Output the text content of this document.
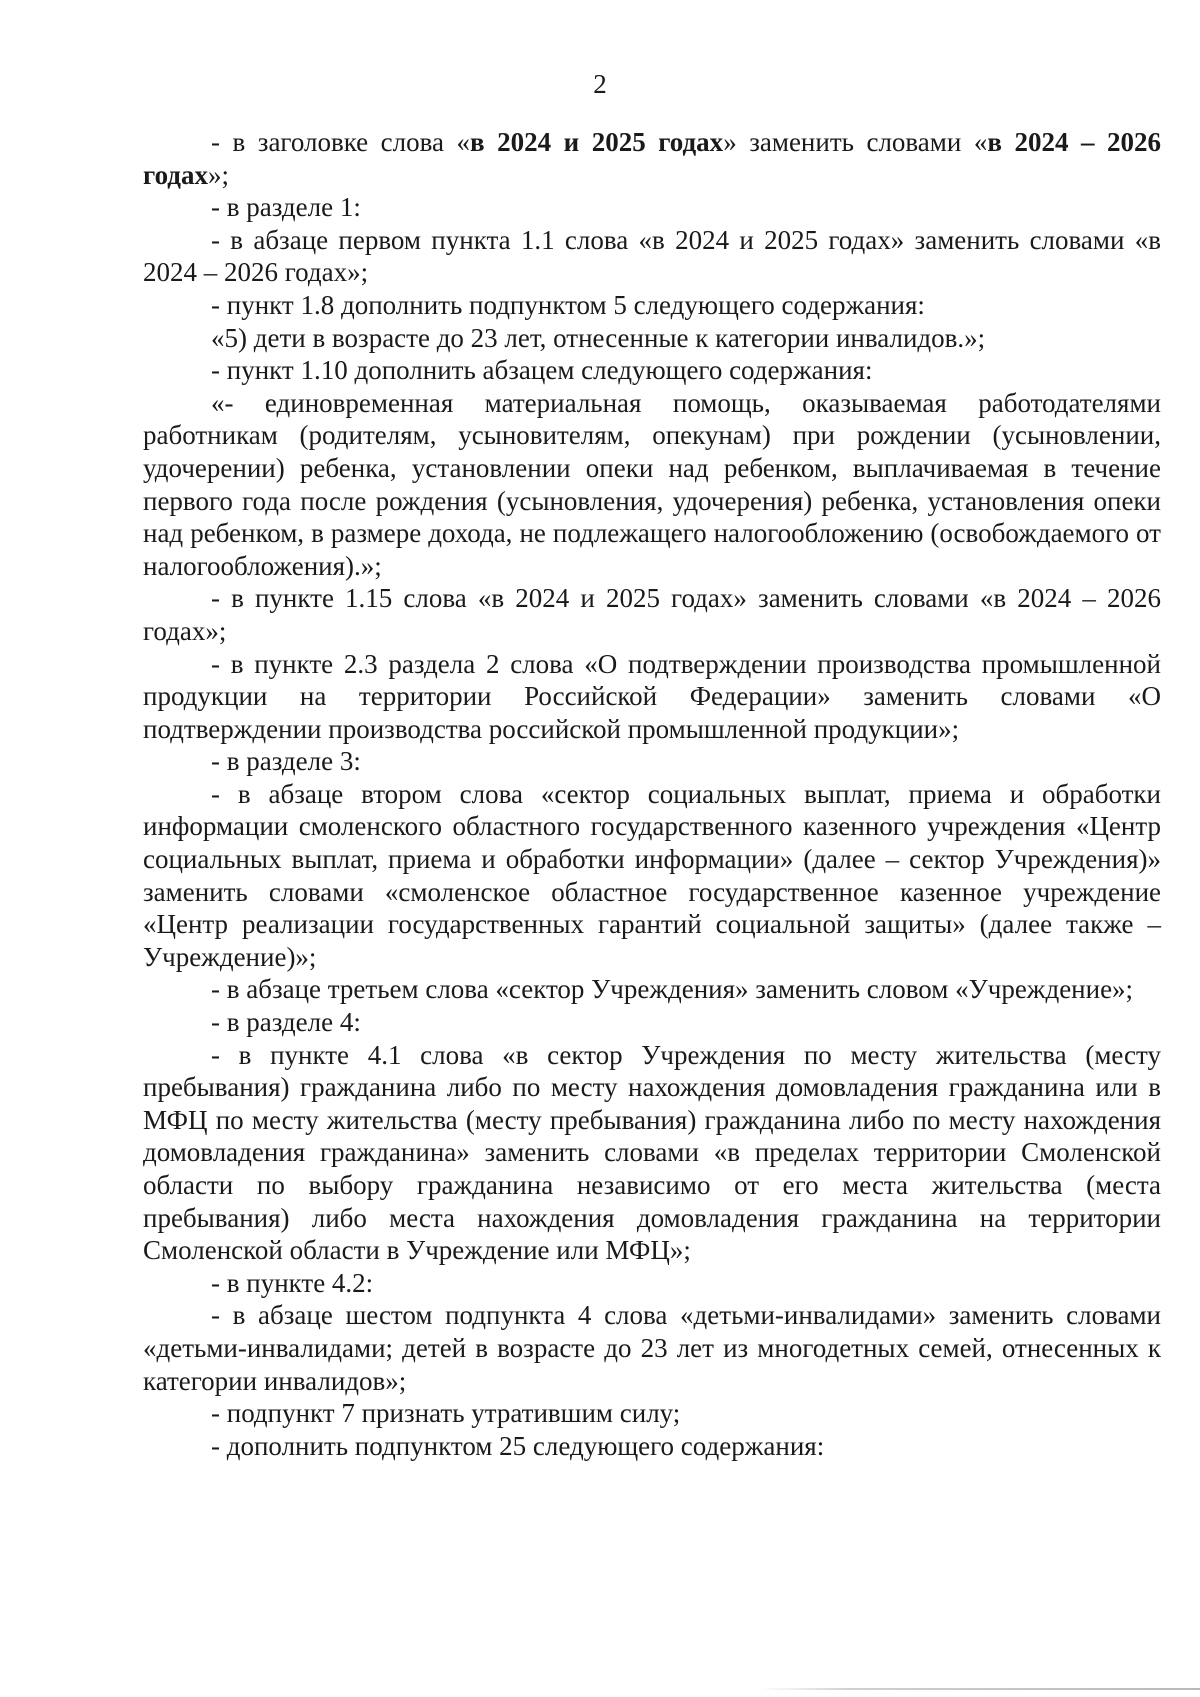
2

- в заголовке слова «в 2024 и 2025 годах» заменить словами «в 2024 – 2026 годах»;

- в разделе 1:

- в абзаце первом пункта 1.1 слова «в 2024 и 2025 годах» заменить словами «в 2024 – 2026 годах»;

- пункт 1.8 дополнить подпунктом 5 следующего содержания:

«5) дети в возрасте до 23 лет, отнесенные к категории инвалидов.»;

- пункт 1.10 дополнить абзацем следующего содержания:

«- единовременная материальная помощь, оказываемая работодателями работникам (родителям, усыновителям, опекунам) при рождении (усыновлении, удочерении) ребенка, установлении опеки над ребенком, выплачиваемая в течение первого года после рождения (усыновления, удочерения) ребенка, установления опеки над ребенком, в размере дохода, не подлежащего налогообложению (освобождаемого от налогообложения).»;

- в пункте 1.15 слова «в 2024 и 2025 годах» заменить словами «в 2024 – 2026 годах»;

- в пункте 2.3 раздела 2 слова «О подтверждении производства промышленной продукции на территории Российской Федерации» заменить словами «О подтверждении производства российской промышленной продукции»;

- в разделе 3:

- в абзаце втором слова «сектор социальных выплат, приема и обработки информации смоленского областного государственного казенного учреждения «Центр социальных выплат, приема и обработки информации» (далее – сектор Учреждения)» заменить словами «смоленское областное государственное казенное учреждение «Центр реализации государственных гарантий социальной защиты» (далее также – Учреждение)»;

- в абзаце третьем слова «сектор Учреждения» заменить словом «Учреждение»;

- в разделе 4:

- в пункте 4.1 слова «в сектор Учреждения по месту жительства (месту пребывания) гражданина либо по месту нахождения домовладения гражданина или в МФЦ по месту жительства (месту пребывания) гражданина либо по месту нахождения домовладения гражданина» заменить словами «в пределах территории Смоленской области по выбору гражданина независимо от его места жительства (места пребывания) либо места нахождения домовладения гражданина на территории Смоленской области в Учреждение или МФЦ»;

- в пункте 4.2:

- в абзаце шестом подпункта 4 слова «детьми-инвалидами» заменить словами «детьми-инвалидами; детей в возрасте до 23 лет из многодетных семей, отнесенных к категории инвалидов»;

- подпункт 7 признать утратившим силу;

- дополнить подпунктом 25 следующего содержания:
